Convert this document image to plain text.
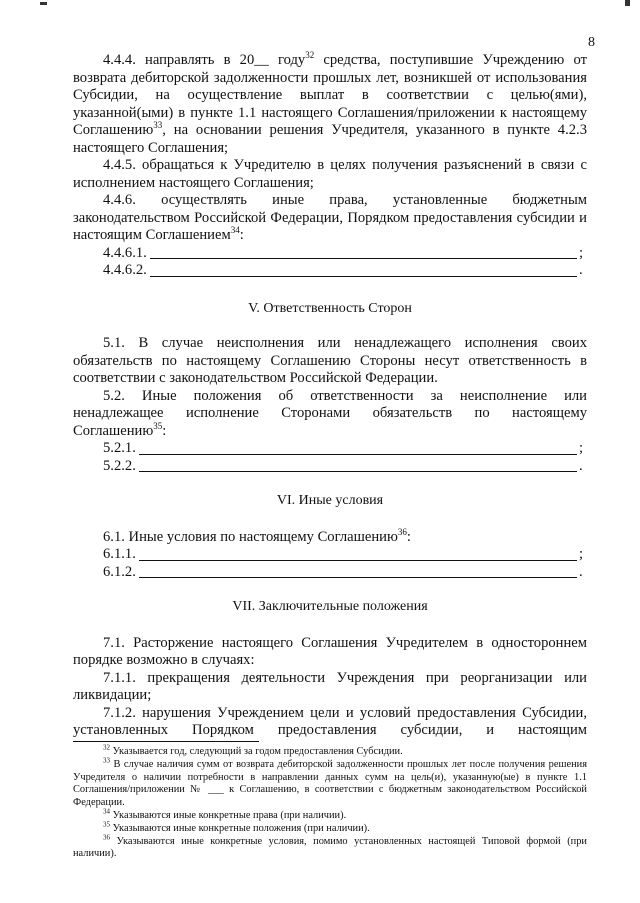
8

4.4.4. направлять в 20__ году$^{32}$ средства, поступившие Учреждению от возврата дебиторской задолженности прошлых лет, возникшей от использования Субсидии, на осуществление выплат в соответствии с целью(ями), указанной(ыми) в пункте 1.1 настоящего Соглашения/приложении к настоящему Соглашению$^{33}$, на основании решения Учредителя, указанного в пункте 4.2.3 настоящего Соглашения;

4.4.5. обращаться к Учредителю в целях получения разъяснений в связи с исполнением настоящего Соглашения;

4.4.6. осуществлять иные права, установленные бюджетным законодательством Российской Федерации, Порядком предоставления субсидии и настоящим Соглашением$^{34}$:

4.4.6.1.	;
4.4.6.2.	.

V. Ответственность Сторон

5.1. В случае неисполнения или ненадлежащего исполнения своих обязательств по настоящему Соглашению Стороны несут ответственность в соответствии с законодательством Российской Федерации.

5.2. Иные положения об ответственности за неисполнение или ненадлежащее исполнение Сторонами обязательств по настоящему Соглашению$^{35}$:

5.2.1.	;
5.2.2.	.

VI. Иные условия

6.1. Иные условия по настоящему Соглашению$^{36}$:

6.1.1.	;
6.1.2.	.

VII. Заключительные положения

7.1. Расторжение настоящего Соглашения Учредителем в одностороннем порядке возможно в случаях:

7.1.1. прекращения деятельности Учреждения при реорганизации или ликвидации;

7.1.2. нарушения Учреждением цели и условий предоставления Субсидии, установленных Порядком предоставления субсидии, и настоящим

$^{32}$ Указывается год, следующий за годом предоставления Субсидии.

$^{33}$ В случае наличия сумм от возврата дебиторской задолженности прошлых лет после получения решения Учредителя о наличии потребности в направлении данных сумм на цель(и), указанную(ые) в пункте 1.1 Соглашения/приложении № ___ к Соглашению, в соответствии с бюджетным законодательством Российской Федерации.

$^{34}$ Указываются иные конкретные права (при наличии).

$^{35}$ Указываются иные конкретные положения (при наличии).

$^{36}$ Указываются иные конкретные условия, помимо установленных настоящей Типовой формой (при наличии).
